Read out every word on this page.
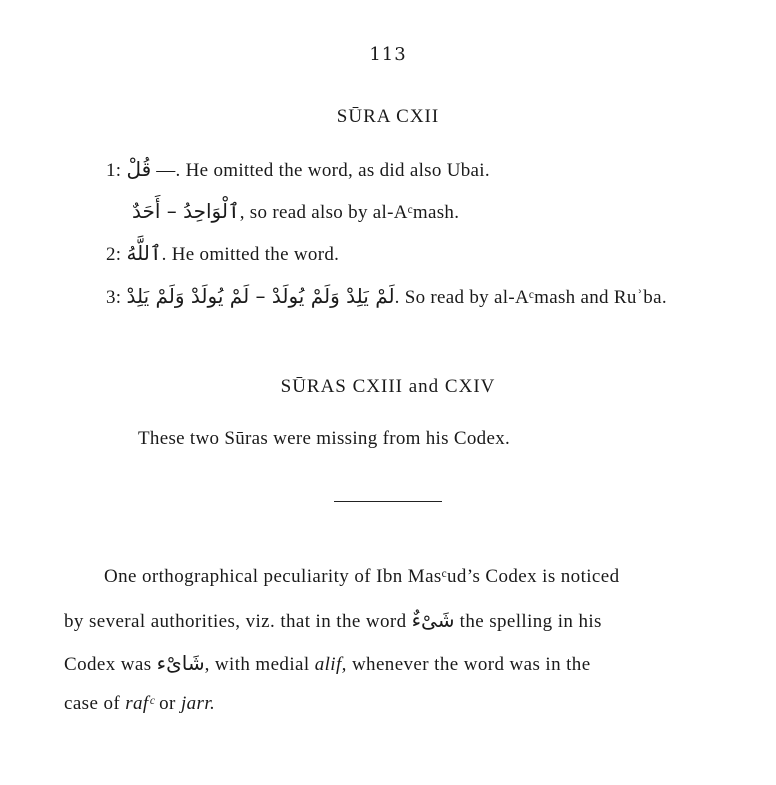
113
SŪRA CXII
1: قُلْ —. He omitted the word, as did also Ubai.
ٱلْوَاحِدُ – أَحَدٌ, so read also by al-Aᶜmash.
2: ٱللَّهُ. He omitted the word.
3: لَمْ يَلِدْ وَلَمْ يُولَدْ – لَمْ يُولَدْ وَلَمْ يَلِدْ. So read by al-Aᶜmash and Ruʾba.
SŪRAS CXIII and CXIV
These two Sūras were missing from his Codex.
One orthographical peculiarity of Ibn Masᶜud’s Codex is noticed
by several authorities, viz. that in the word شَىْءٌ the spelling in his
Codex was شَاىْء, with medial alif, whenever the word was in the
case of rafᶜ or jarr.
